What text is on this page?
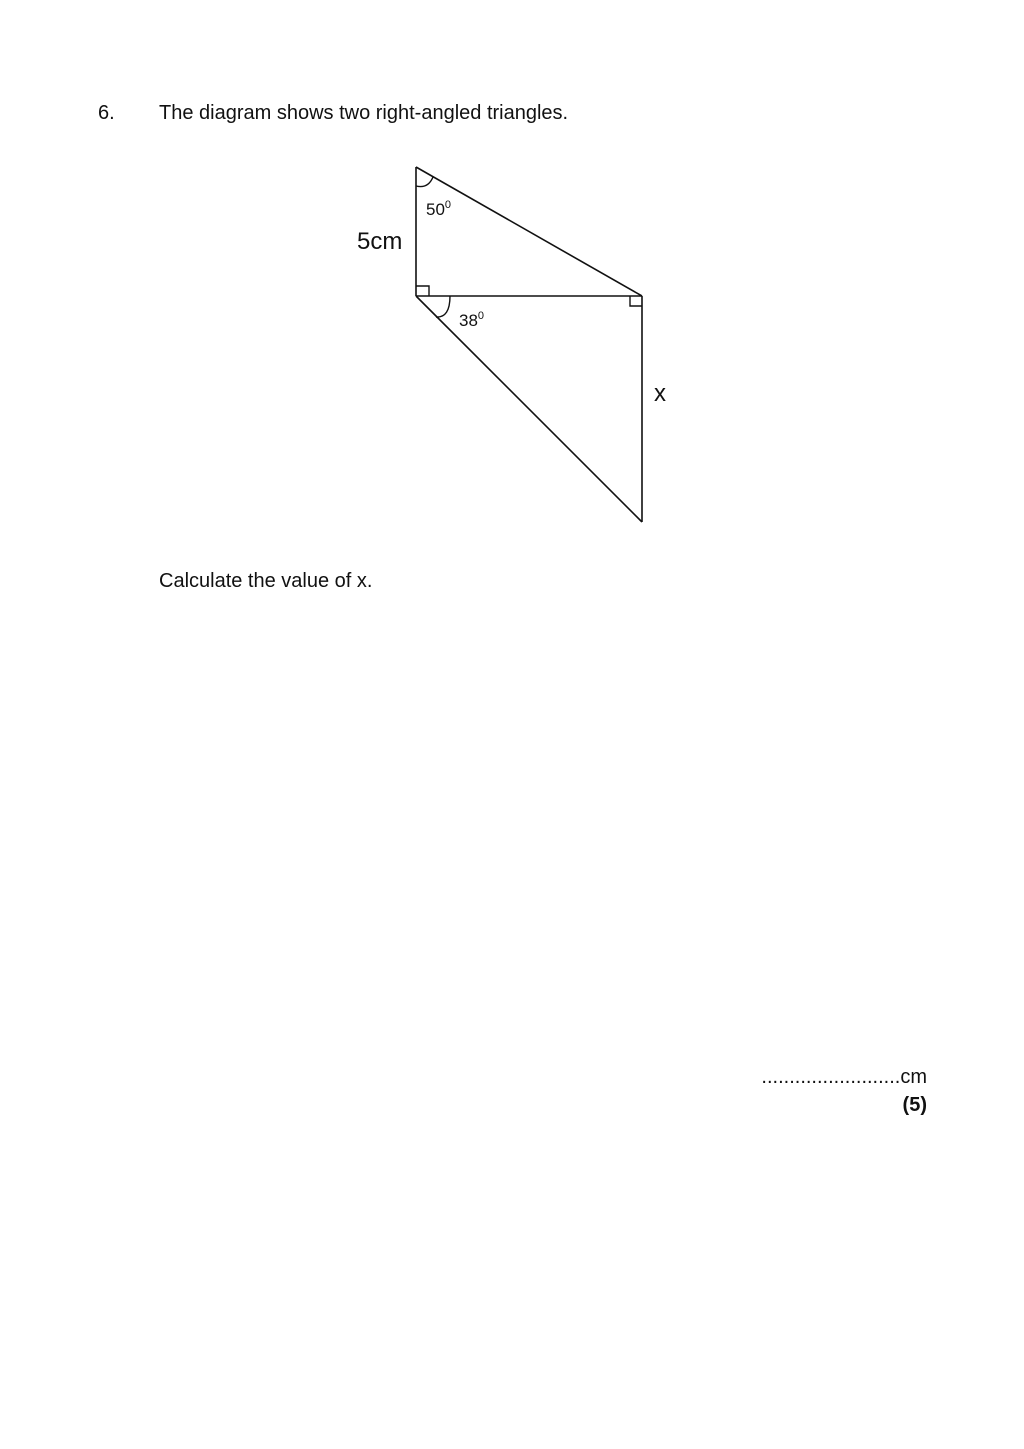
6. The diagram shows two right-angled triangles.
5cm
$50^0$
$38^0$
x
Calculate the value of x.
.........................cm
(5)
